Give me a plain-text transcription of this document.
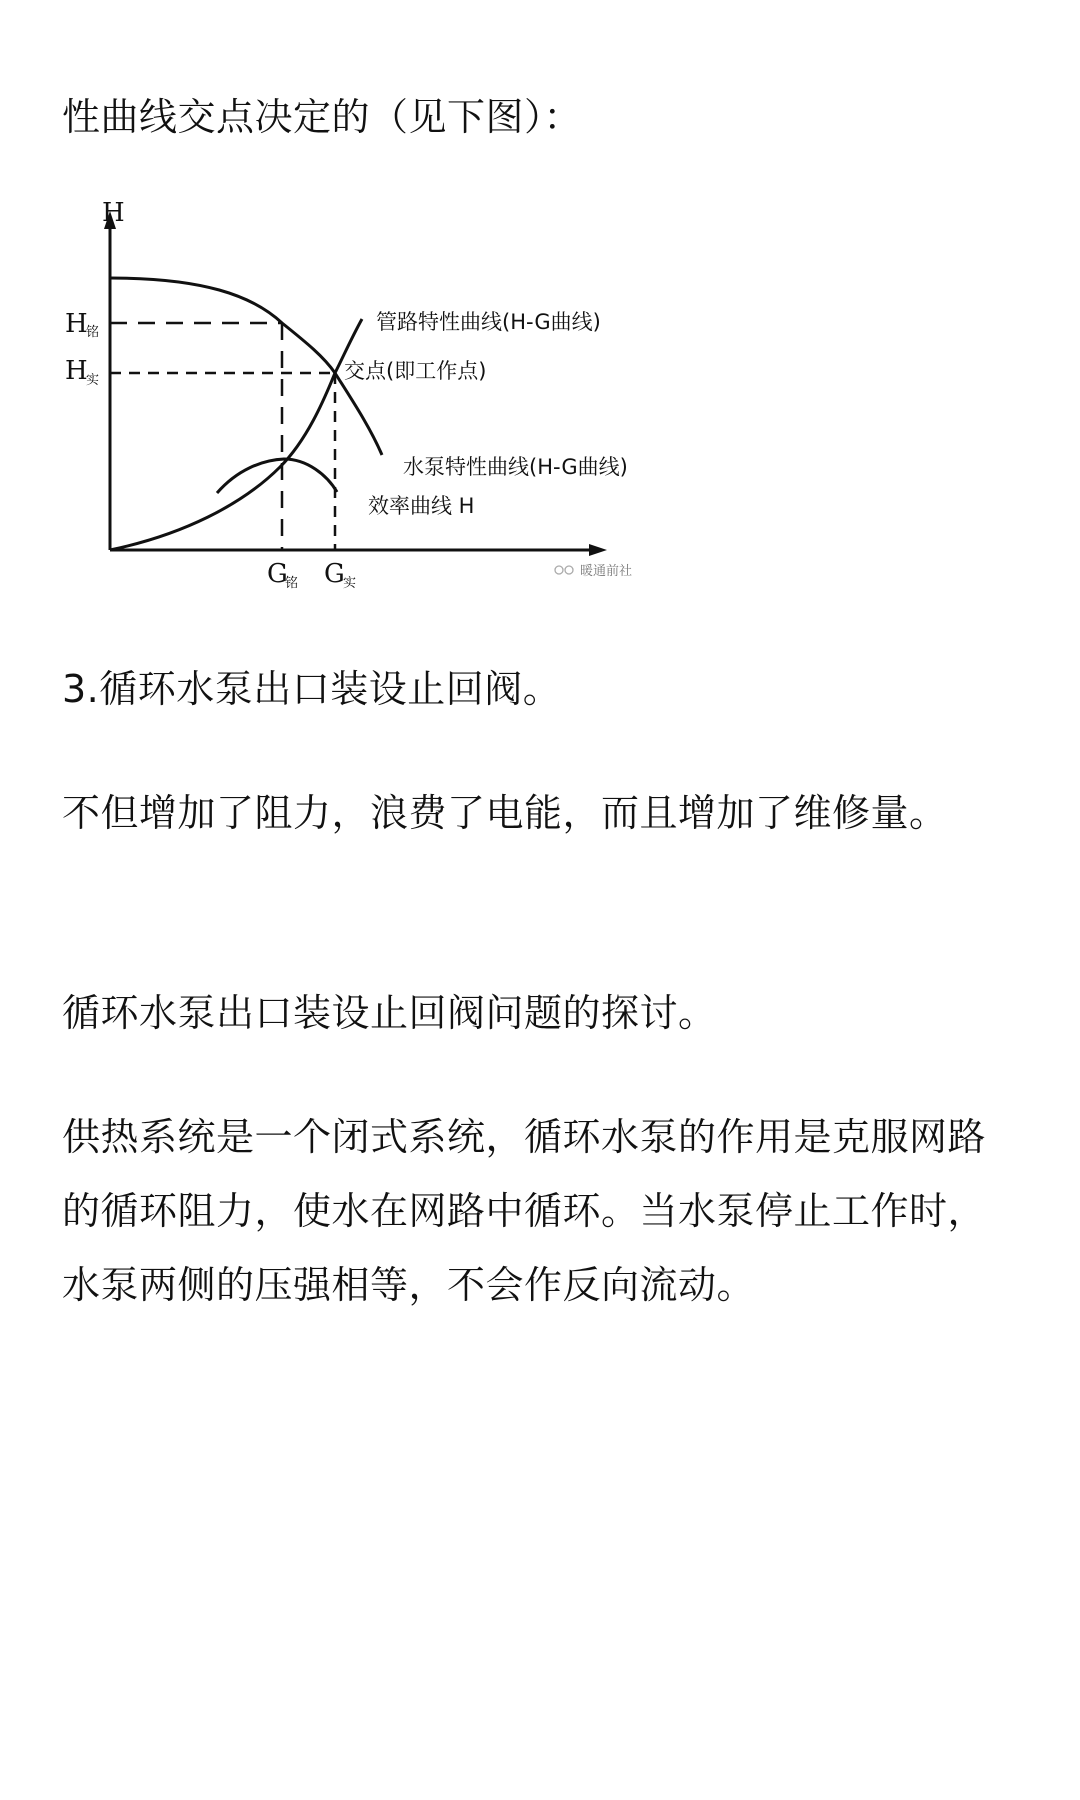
性曲线交点决定的（见下图）：

H
H
铭
H
实
G
铭 G
实
管路特性曲线(H-G曲线)
交点(即工作点)
水泵特性曲线(H-G曲线)
效率曲线 H
暖通前社

3.循环水泵出口装设止回阀。

不但增加了阻力，浪费了电能，而且增加了维修量。

循环水泵出口装设止回阀问题的探讨。

供热系统是一个闭式系统，循环水泵的作用是克服网路的循环阻力，使水在网路中循环。当水泵停止工作时，水泵两侧的压强相等，不会作反向流动。
